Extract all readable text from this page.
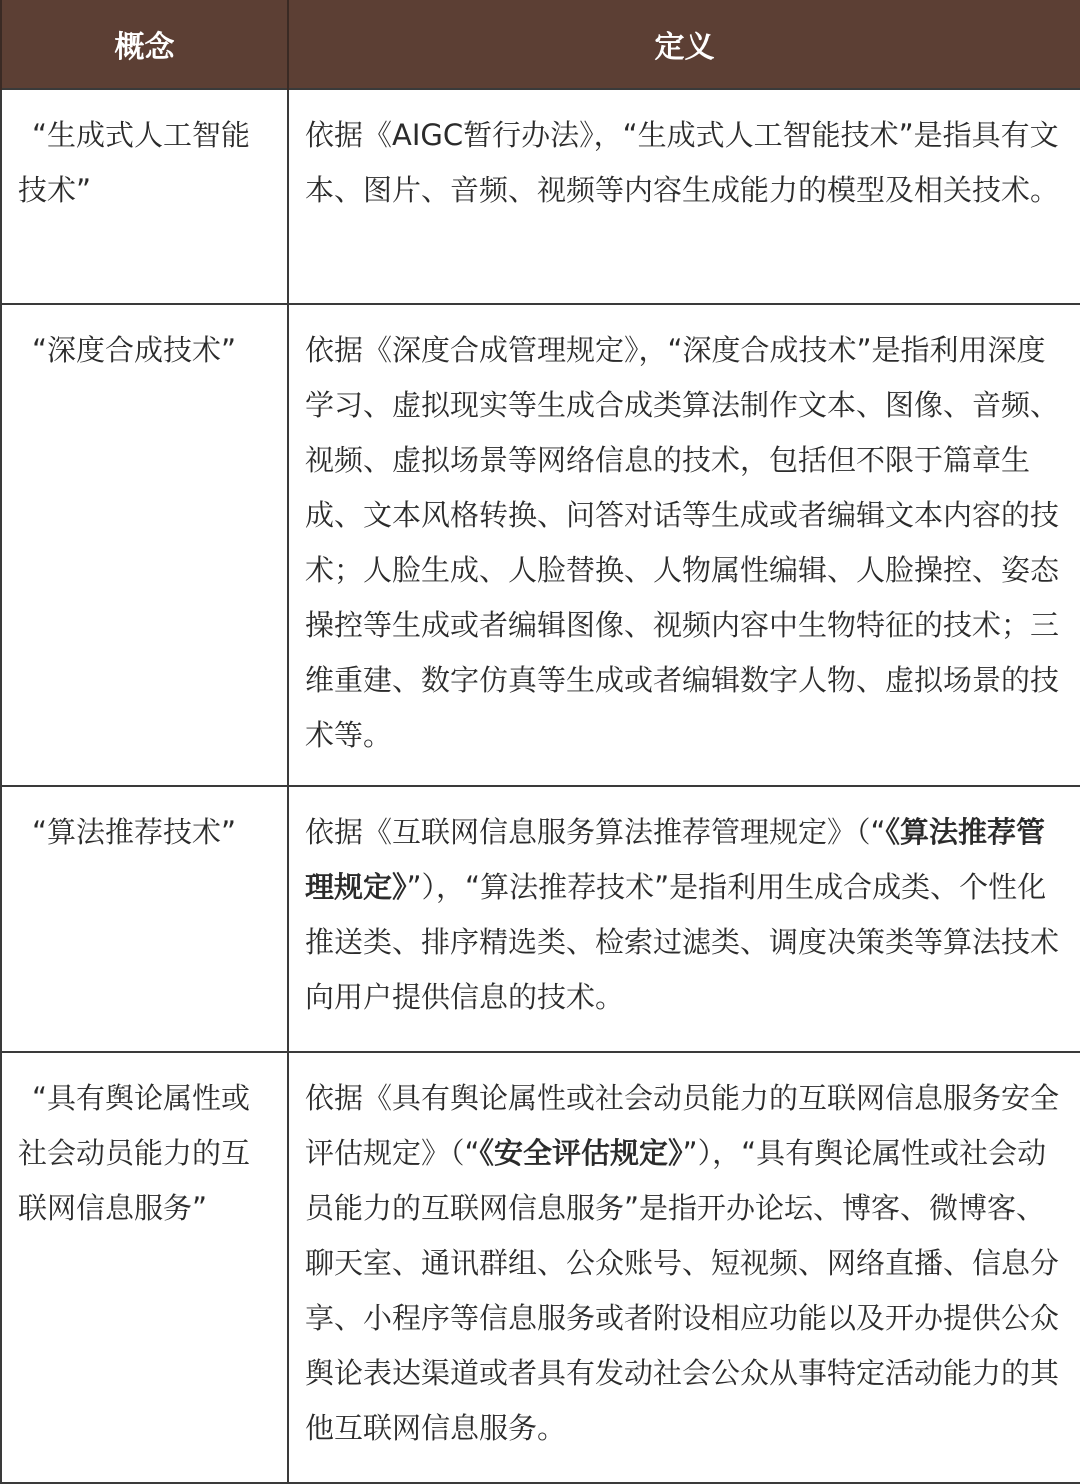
概念	定义

“生成式人工智能技术”	依据《AIGC暂行办法》，“生成式人工智能技术”是指具有文本、图片、音频、视频等内容生成能力的模型及相关技术。

“深度合成技术”	依据《深度合成管理规定》，“深度合成技术”是指利用深度学习、虚拟现实等生成合成类算法制作文本、图像、音频、视频、虚拟场景等网络信息的技术，包括但不限于篇章生成、文本风格转换、问答对话等生成或者编辑文本内容的技术；人脸生成、人脸替换、人物属性编辑、人脸操控、姿态操控等生成或者编辑图像、视频内容中生物特征的技术；三维重建、数字仿真等生成或者编辑数字人物、虚拟场景的技术等。

“算法推荐技术”	依据《互联网信息服务算法推荐管理规定》（“《算法推荐管理规定》”），“算法推荐技术”是指利用生成合成类、个性化推送类、排序精选类、检索过滤类、调度决策类等算法技术向用户提供信息的技术。

“具有舆论属性或社会动员能力的互联网信息服务”	依据《具有舆论属性或社会动员能力的互联网信息服务安全评估规定》（“《安全评估规定》”），“具有舆论属性或社会动员能力的互联网信息服务”是指开办论坛、博客、微博客、聊天室、通讯群组、公众账号、短视频、网络直播、信息分享、小程序等信息服务或者附设相应功能以及开办提供公众舆论表达渠道或者具有发动社会公众从事特定活动能力的其他互联网信息服务。
